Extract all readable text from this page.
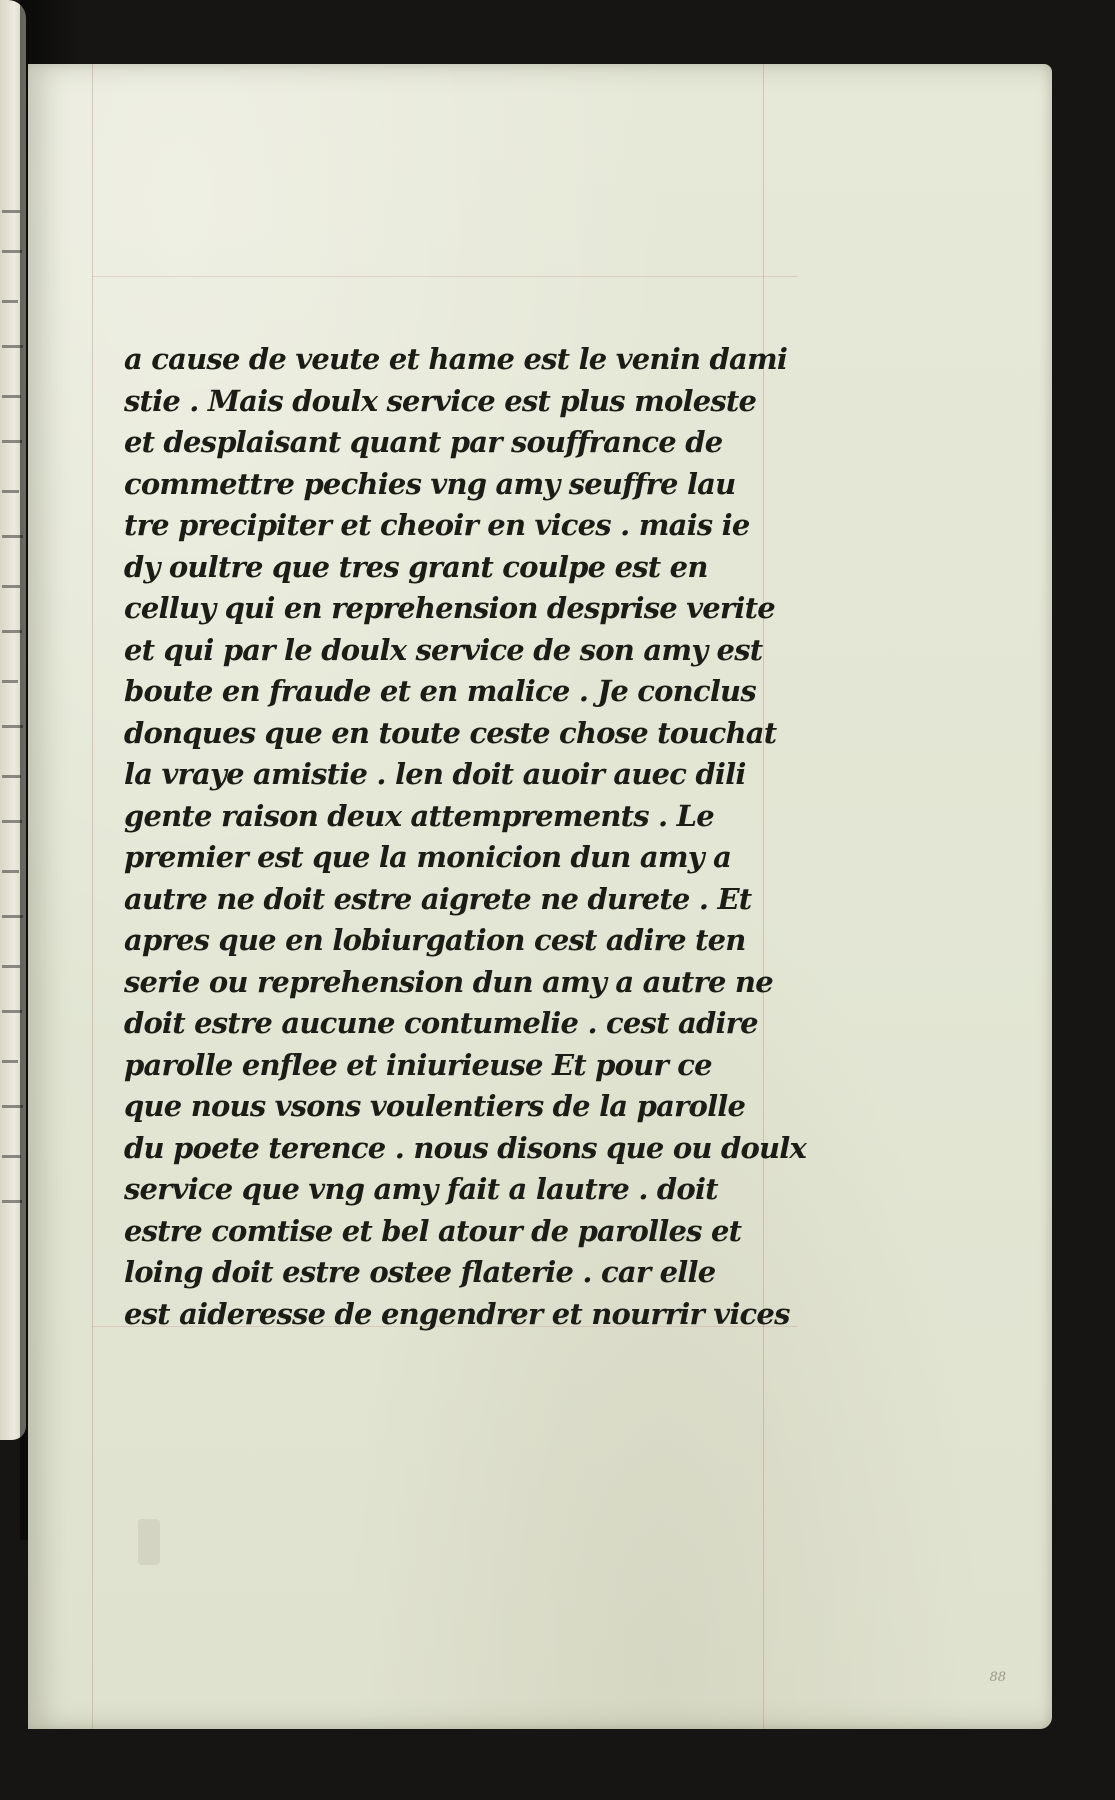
a cause de veute et hame est le venin dami
stie . Mais doulx service est plus moleste
et desplaisant quant par souffrance de
commettre pechies vng amy seuffre lau
tre precipiter et cheoir en vices . mais ie
dy oultre que tres grant coulpe est en
celluy qui en reprehension desprise verite
et qui par le doulx service de son amy est
boute en fraude et en malice . Je conclus
donques que en toute ceste chose touchat
la vraye amistie . len doit auoir auec dili
gente raison deux attemprements . Le
premier est que la monicion dun amy a
autre ne doit estre aigrete ne durete . Et
apres que en lobiurgation cest adire ten
serie ou reprehension dun amy a autre ne
doit estre aucune contumelie . cest adire
parolle enflee et iniurieuse Et pour ce
que nous vsons voulentiers de la parolle
du poete terence . nous disons que ou doulx
service que vng amy fait a lautre . doit
estre comtise et bel atour de parolles et
loing doit estre ostee flaterie . car elle
est aideresse de engendrer et nourrir vices
88
